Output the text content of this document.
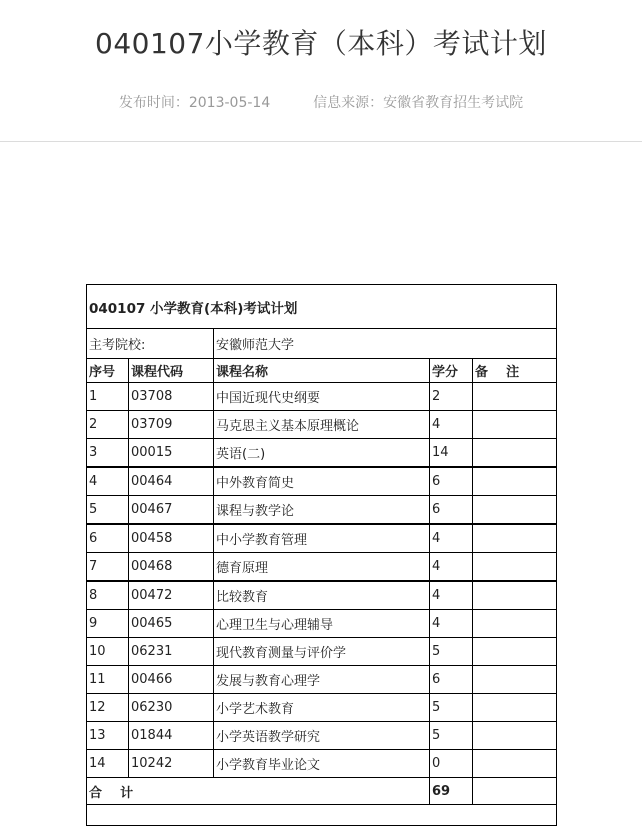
040107小学教育（本科）考试计划
发布时间：2013-05-14	信息来源：安徽省教育招生考试院
040107 小学教育(本科)考试计划				
主考院校:		安徽师范大学		
序号	课程代码	课程名称	学分	备    注
1	03708	中国近现代史纲要	2	
2	03709	马克思主义基本原理概论	4	
3	00015	英语(二)	14	
4	00464	中外教育简史	6	
5	00467	课程与教学论	6	
6	00458	中小学教育管理	4	
7	00468	德育原理	4	
8	00472	比较教育	4	
9	00465	心理卫生与心理辅导	4	
10	06231	现代教育测量与评价学	5	
11	00466	发展与教育心理学	6	
12	06230	小学艺术教育	5	
13	01844	小学英语教学研究	5	
14	10242	小学教育毕业论文	0	
合    计			69	
